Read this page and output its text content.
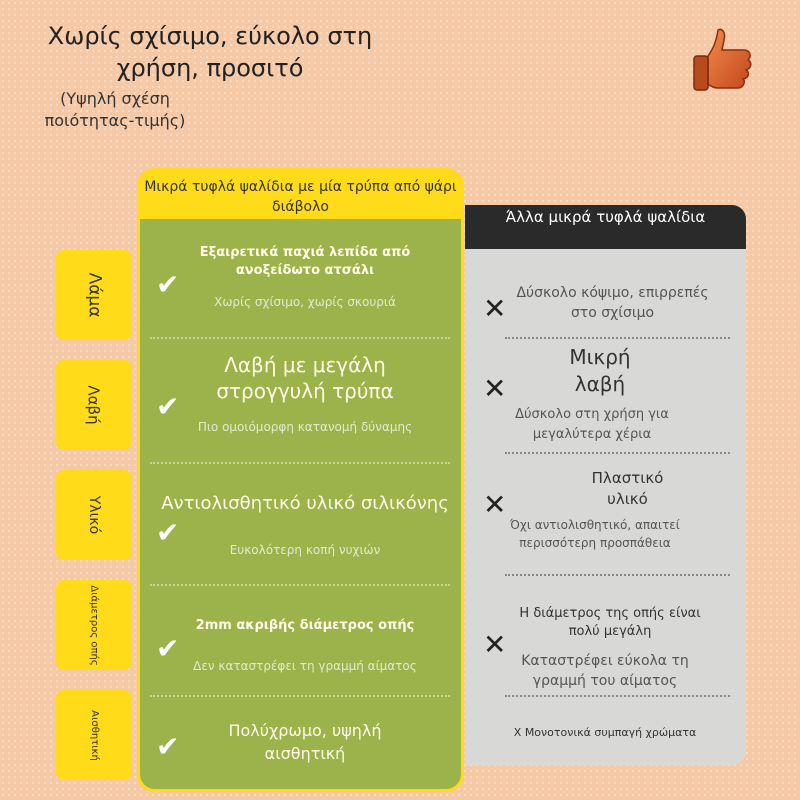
Χωρίς σχίσιμο, εύκολο στη χρήση, προσιτό
(Υψηλή σχέση ποιότητας-τιμής)
Λάμα
Λαβή
Υλικό
Διάμετρος οπής
Αισθητική
Μικρά τυφλά ψαλίδια με μία τρύπα από ψάρι διάβολο
✔
Εξαιρετικά παχιά λεπίδα από ανοξείδωτο ατσάλι
Χωρίς σχίσιμο, χωρίς σκουριά
✔
Λαβή με μεγάλη στρογγυλή τρύπα
Πιο ομοιόμορφη κατανομή δύναμης
✔
Αντιολισθητικό υλικό σιλικόνης
Ευκολότερη κοπή νυχιών
✔
2mm ακριβής διάμετρος οπής
Δεν καταστρέφει τη γραμμή αίματος
✔	Πολύχρωμο, υψηλή αισθητική
Άλλα μικρά τυφλά ψαλίδια
✕ Δύσκολο κόψιμο, επιρρεπές στο σχίσιμο
✕
Μικρή λαβή
Δύσκολο στη χρήση για μεγαλύτερα χέρια
✕
Πλαστικό υλικό
Όχι αντιολισθητικό, απαιτεί περισσότερη προσπάθεια
✕
Η διάμετρος της οπής είναι πολύ μεγάλη
Καταστρέφει εύκολα τη γραμμή του αίματος
Χ Μονοτονικά συμπαγή χρώματα
